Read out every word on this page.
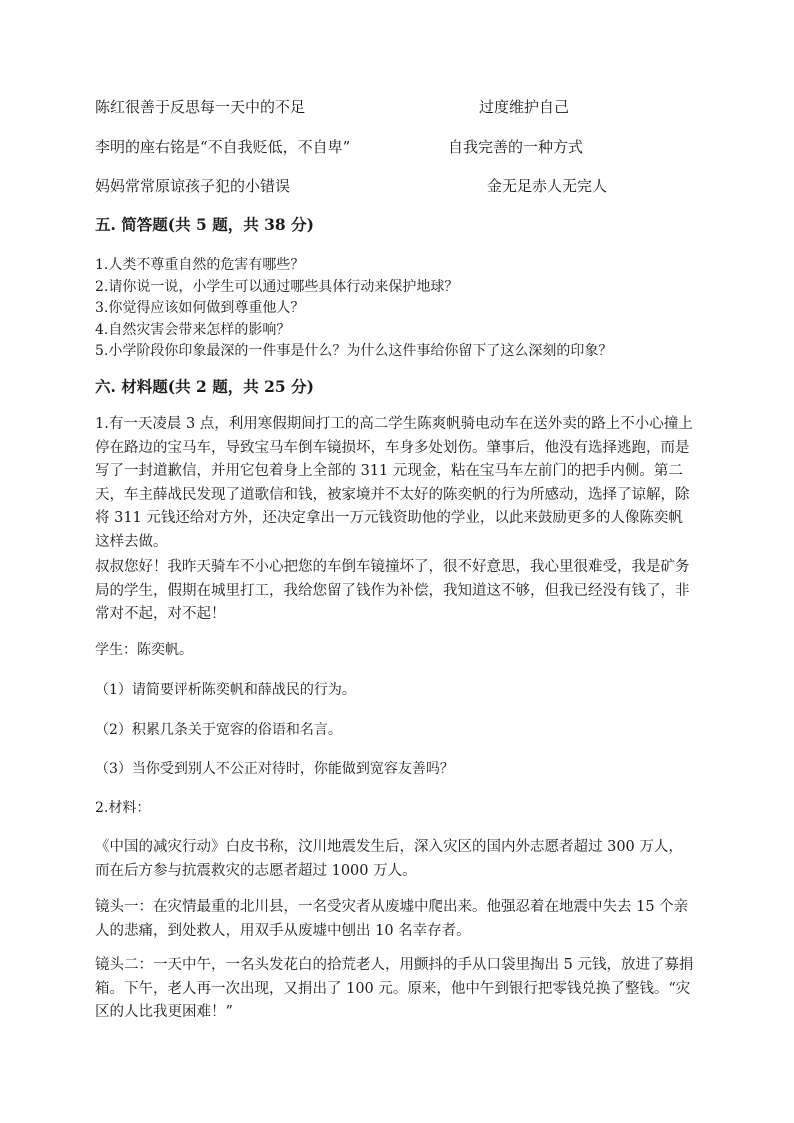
陈红很善于反思每一天中的不足	过度维护自己
李明的座右铭是“不自我贬低，不自卑”	自我完善的一种方式
妈妈常常原谅孩子犯的小错误	金无足赤人无完人
五. 简答题(共 5 题，共 38 分)
1.人类不尊重自然的危害有哪些？
2.请你说一说，小学生可以通过哪些具体行动来保护地球？
3.你觉得应该如何做到尊重他人？
4.自然灾害会带来怎样的影响？
5.小学阶段你印象最深的一件事是什么？为什么这件事给你留下了这么深刻的印象？
六. 材料题(共 2 题，共 25 分)

1.有一天凌晨 3 点，利用寒假期间打工的高二学生陈爽帆骑电动车在送外卖的路上不小心撞上停在路边的宝马车，导致宝马车倒车镜损坏，车身多处划伤。肇事后，他没有选择逃跑，而是写了一封道歉信，并用它包着身上全部的 311 元现金，粘在宝马车左前门的把手内侧。第二天，车主薛战民发现了道歌信和钱，被家境并不太好的陈奕帆的行为所感动，选择了谅解，除将 311 元钱还给对方外，还决定拿出一万元钱资助他的学业，以此来鼓励更多的人像陈奕帆这样去做。

叔叔您好！我昨天骑车不小心把您的车倒车镜撞坏了，很不好意思，我心里很难受，我是矿务局的学生，假期在城里打工，我给您留了钱作为补偿，我知道这不够，但我已经没有钱了，非常对不起，对不起！

学生：陈奕帆。
（1）请简要评析陈奕帆和薛战民的行为。
（2）积累几条关于宽容的俗语和名言。
（3）当你受到别人不公正对待时，你能做到宽容友善吗？
2.材料：

《中国的减灾行动》白皮书称，汶川地震发生后，深入灾区的国内外志愿者超过 300 万人，而在后方参与抗震救灾的志愿者超过 1000 万人。

镜头一：在灾情最重的北川县，一名受灾者从废墟中爬出来。他强忍着在地震中失去 15 个亲人的悲痛，到处救人，用双手从废墟中刨出 10 名幸存者。

镜头二：一天中午，一名头发花白的拾荒老人，用颤抖的手从口袋里掏出 5 元钱，放进了募捐箱。下午，老人再一次出现，又捐出了 100 元。原来，他中午到银行把零钱兑换了整钱。“灾区的人比我更困难！”
